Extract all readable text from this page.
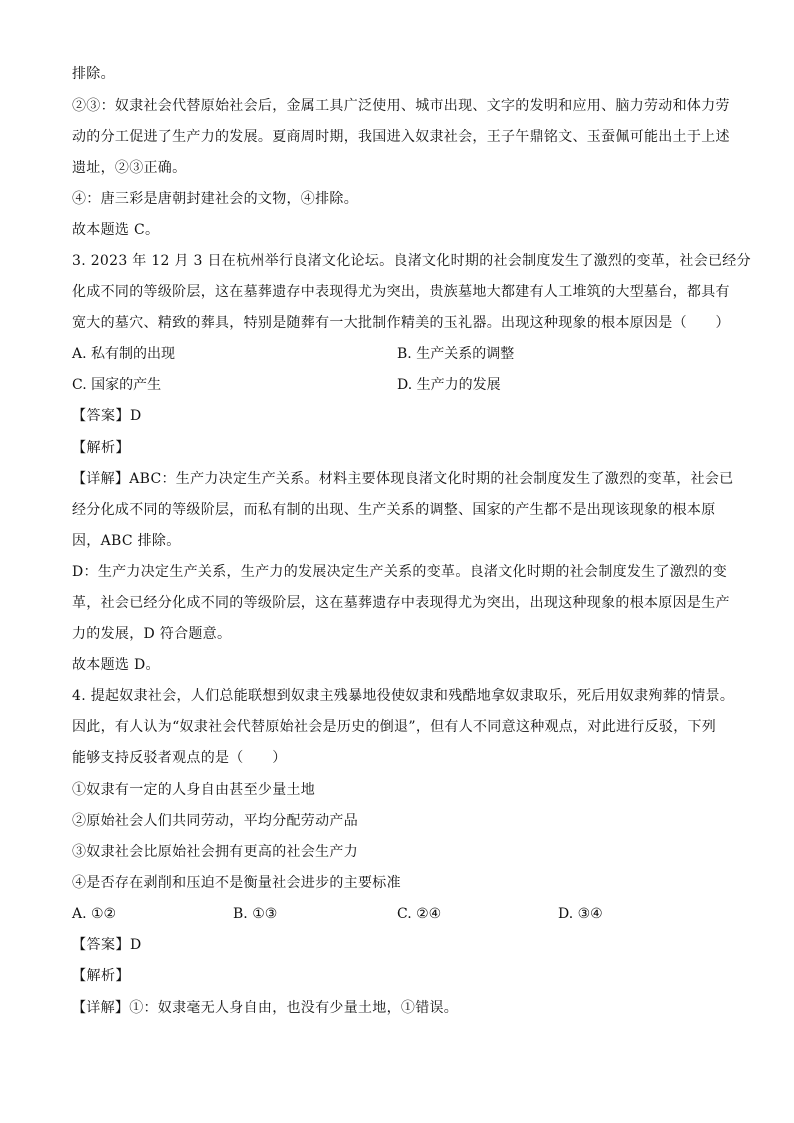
排除。
②③：奴隶社会代替原始社会后，金属工具广泛使用、城市出现、文字的发明和应用、脑力劳动和体力劳
动的分工促进了生产力的发展。夏商周时期，我国进入奴隶社会，王子午鼎铭文、玉蚕佩可能出土于上述
遗址，②③正确。
④：唐三彩是唐朝封建社会的文物，④排除。
故本题选 C。
3. 2023 年 12 月 3 日在杭州举行良渚文化论坛。良渚文化时期的社会制度发生了激烈的变革，社会已经分
化成不同的等级阶层，这在墓葬遗存中表现得尤为突出，贵族墓地大都建有人工堆筑的大型墓台，都具有
宽大的墓穴、精致的葬具，特别是随葬有一大批制作精美的玉礼器。出现这种现象的根本原因是（　　）
A. 私有制的出现	B. 生产关系的调整
C. 国家的产生	D. 生产力的发展
【答案】D
【解析】
【详解】ABC：生产力决定生产关系。材料主要体现良渚文化时期的社会制度发生了激烈的变革，社会已
经分化成不同的等级阶层，而私有制的出现、生产关系的调整、国家的产生都不是出现该现象的根本原
因，ABC 排除。
D：生产力决定生产关系，生产力的发展决定生产关系的变革。良渚文化时期的社会制度发生了激烈的变
革，社会已经分化成不同的等级阶层，这在墓葬遗存中表现得尤为突出，出现这种现象的根本原因是生产
力的发展，D 符合题意。
故本题选 D。
4. 提起奴隶社会，人们总能联想到奴隶主残暴地役使奴隶和残酷地拿奴隶取乐，死后用奴隶殉葬的情景。
因此，有人认为“奴隶社会代替原始社会是历史的倒退”，但有人不同意这种观点，对此进行反驳，下列
能够支持反驳者观点的是（　　）
①奴隶有一定的人身自由甚至少量土地
②原始社会人们共同劳动，平均分配劳动产品
③奴隶社会比原始社会拥有更高的社会生产力
④是否存在剥削和压迫不是衡量社会进步的主要标准
A. ①②	B. ①③	C. ②④	D. ③④
【答案】D
【解析】
【详解】①：奴隶毫无人身自由，也没有少量土地，①错误。
